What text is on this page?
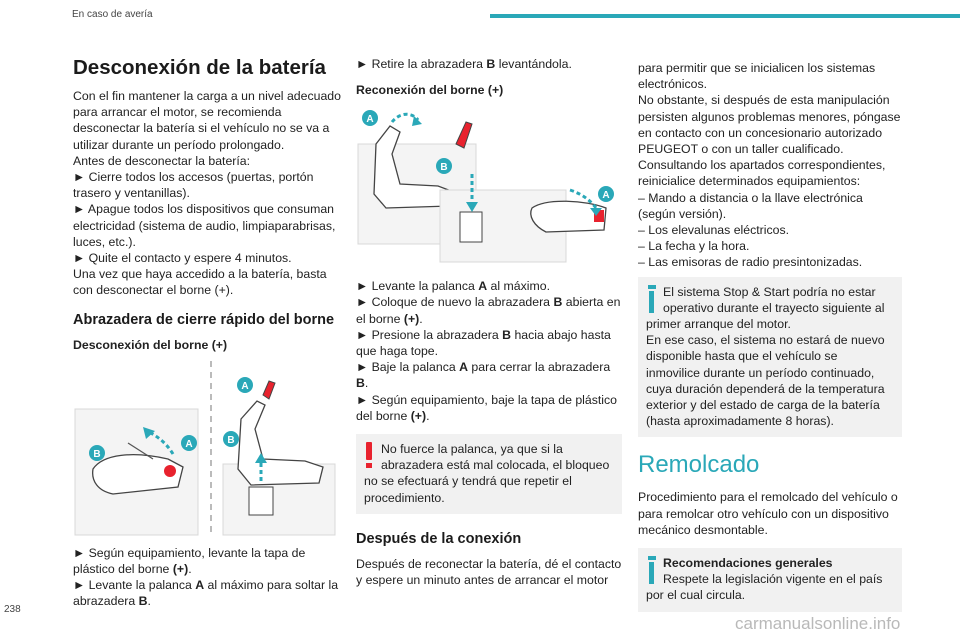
En caso de avería
Desconexión de la batería

Con el fin mantener la carga a un nivel adecuado para arrancar el motor, se recomienda desconectar la batería si el vehículo no se va a utilizar durante un período prolongado.

Antes de desconectar la batería:

► Cierre todos los accesos (puertas, portón trasero y ventanillas).

► Apague todos los dispositivos que consuman electricidad (sistema de audio, limpiaparabrisas, luces, etc.).

► Quite el contacto y espere 4 minutos.

Una vez que haya accedido a la batería, basta con desconectar el borne (+).

Abrazadera de cierre rápido del borne
Desconexión del borne (+)
B
A
A
B

► Según equipamiento, levante la tapa de plástico del borne (+).

► Levante la palanca A al máximo para soltar la abrazadera B.

► Retire la abrazadera B levantándola.

Reconexión del borne (+)
A
B
A

► Levante la palanca A al máximo.

► Coloque de nuevo la abrazadera B abierta en el borne (+).

► Presione la abrazadera B hacia abajo hasta que haga tope.

► Baje la palanca A para cerrar la abrazadera B.

► Según equipamiento, baje la tapa de plástico del borne (+).

No fuerce la palanca, ya que si la abrazadera está mal colocada, el bloqueo no se efectuará y tendrá que repetir el procedimiento.
Después de la conexión

Después de reconectar la batería, dé el contacto y espere un minuto antes de arrancar el motor

para permitir que se inicialicen los sistemas electrónicos.

No obstante, si después de esta manipulación persisten algunos problemas menores, póngase en contacto con un concesionario autorizado PEUGEOT o con un taller cualificado.

Consultando los apartados correspondientes, reinicialice determinados equipamientos:

– Mando a distancia o la llave electrónica (según versión).

– Los elevalunas eléctricos.

– La fecha y la hora.

– Las emisoras de radio presintonizadas.

El sistema Stop & Start podría no estar operativo durante el trayecto siguiente al primer arranque del motor.
En ese caso, el sistema no estará de nuevo disponible hasta que el vehículo se inmovilice durante un período continuado, cuya duración dependerá de la temperatura exterior y del estado de carga de la batería (hasta aproximadamente 8 horas).
Remolcado

Procedimiento para el remolcado del vehículo o para remolcar otro vehículo con un dispositivo mecánico desmontable.

Recomendaciones generales
Respete la legislación vigente en el país por el cual circula.
238
carmanualsonline.info
